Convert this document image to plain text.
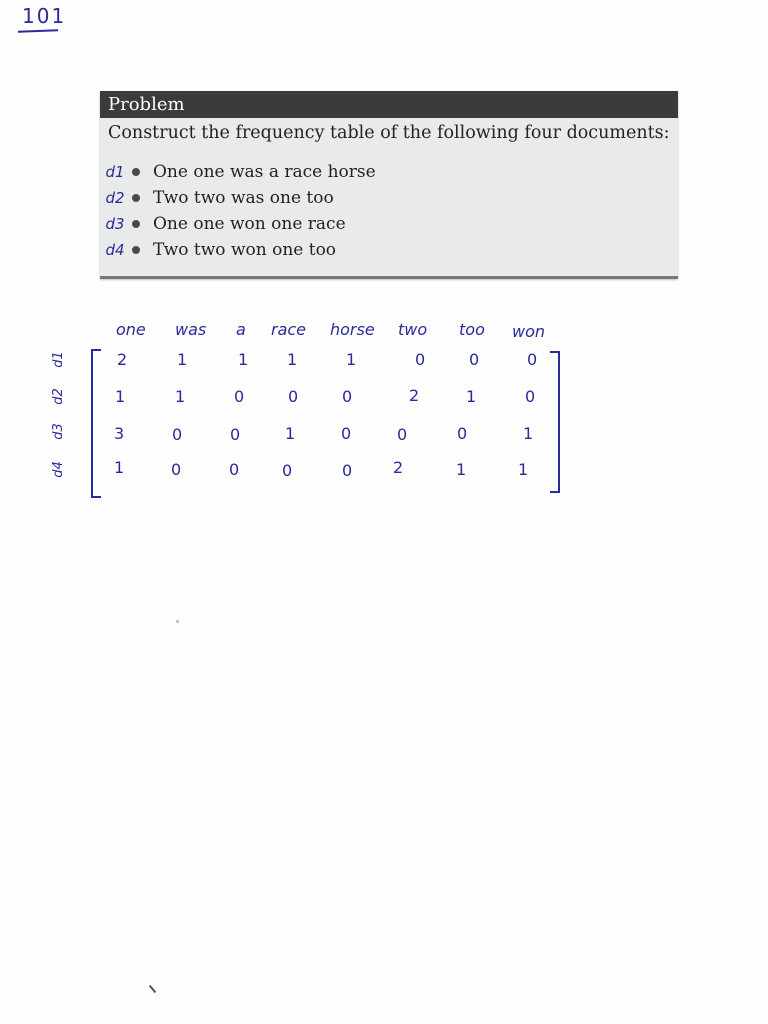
101
Problem
Construct the frequency table of the following four documents:
d1	One one was a race horse
d2	Two two was one too
d3	One one won one race
d4	Two two won one too
one was a race horse two too won
d1
d2
d3
d4
2	1	1 1	1	0	0	0
1	1	0	0	0	2	1	0
3	0	0	1	0	0	0	1
1	0	0	0	0	2	1	1
